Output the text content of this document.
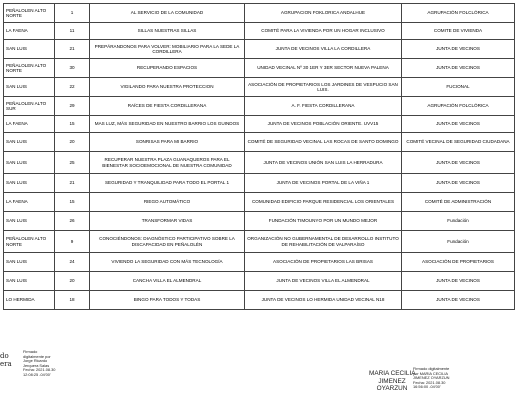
PEÑALOLEN ALTO NORTE	1	AL SERVICIO DE LA COMUNIDAD	AGRUPACION FOKLORICA ANDALHUE	AGRUPACIÓN FOLCLÓRICA
LA FAENA	11	SILLAS NUESTRAS SILLAS	COMITÉ PARA LA VIVIENDA POR UN HOGAR INCLUSIVO	COMITE DE VIVIENDA
SAN LUIS	21	PREPÁRANDONOS PARA VOLVER: MOBILIARIO PARA LA SEDE LA CORDILLERA	JUNTA DE VECINOS VILLA LA CORDILLERA	JUNTA DE VECINOS
PEÑALOLEN ALTO NORTE	30	RECUPERANDO ESPACIOS	UNIDAD VECINAL Nº 30 1ER Y 3ER SECTOR NUEVA PALENA	JUNTA DE VECINOS
SAN LUIS	22	VIGILANDO PARA NUESTRA PROTECCION	ASOCIACIÓN DE PROPIETARIOS LOS JARDINES DE VESPUCIO SAN LUIS.	FUCIONAL
PEÑALOLEN ALTO SUR	29	RAÍCES DE FIESTA CORDILLERANA	A. F. FIESTA CORDILLERANA	AGRUPACIÓN FOLCLÓRICA
LA FAENA	15	MAS LUZ, MÁS SEGURIDAD EN NUESTRO BARRIO LOS GUINDOS	JUNTA DE VECINOS POBLACIÓN ORIENTE. UVV15	JUNTA DE VECINOS
SAN LUIS	20	SONRISAS PARA MI BARRIO	COMITÉ DE SEGURIDAD VECINAL LAS ROCAS DE SANTO DOMINGO	COMITÉ VECINAL DE SEGURIDAD CIUDADANA
SAN LUIS	25	RECUPERAR NUESTRA PLAZA GUANAQUEROS PARA EL BIENESTAR SOCIOEMOCIONAL DE NUESTRA COMUNIDAD	JUNTA DE VECINOS UNIÓN SAN LUIS LA HERRADURA	JUNTA DE VECINOS
SAN LUIS	21	SEGURIDAD Y TRANQUILIDAD PARA TODO EL PORTAL 1	JUNTA DE VECINOS PORTAL DE LA VIÑA 1	JUNTA DE VECINOS
LA FAENA	15	RIEGO AUTOMÁTICO	COMUNIDAD EDIFICIO PARQUE RESIDENCIAL LOS ORIENTALES	COMITÉ DE ADMINISTRACIÓN
SAN LUIS	26	TRANSFORMAR VIDAS	FUNDACIÓN TIMOUNYO POR UN MUNDO MEJOR	Fundación
PEÑALOLEN ALTO NORTE	9	CONOCIÉNDONOS: DIAGNÓSTICO PARTICIPATIVO SOBRE LA DISCAPACIDAD EN PEÑALOLÉN	ORGANIZACIÓN NO GUBERNAMENTAL DE DESARROLLO INSTITUTO DE REHABILITACIÓN DE VALPARAÍSO	Fundación
SAN LUIS	24	VIVIENDO LA SEGURIDAD CON MÁS TECNOLOGÍA	ASOCIACIÓN DE PROPIETARIOS LAS BRISAS	ASOCIACIÓN DE PROPIETARIOS
SAN LUIS	20	CANCHA VILLA EL ALMENDRAL	JUNTA DE VECINOS VILLA EL ALMENDRAL	JUNTA DE VECINOS
LO HERMIDA	18	BINGO PARA TODOS Y TODAS	JUNTA DE VECINOS LO HERMIDA UNIDAD VECINAL N18	JUNTA DE VECINOS
do
era
Firmado
digitalmente por
Jorge Ricardo
Jerquera Salas
Fecha: 2021.08.30
12:08:25 -04'00'	MARIA CECILIA
JIMENEZ
OYARZUN
Firmado digitalmente
por MARIA CECILIA
JIMENEZ OYARZUN
Fecha: 2021.08.30
16:56:00 -04'00'
